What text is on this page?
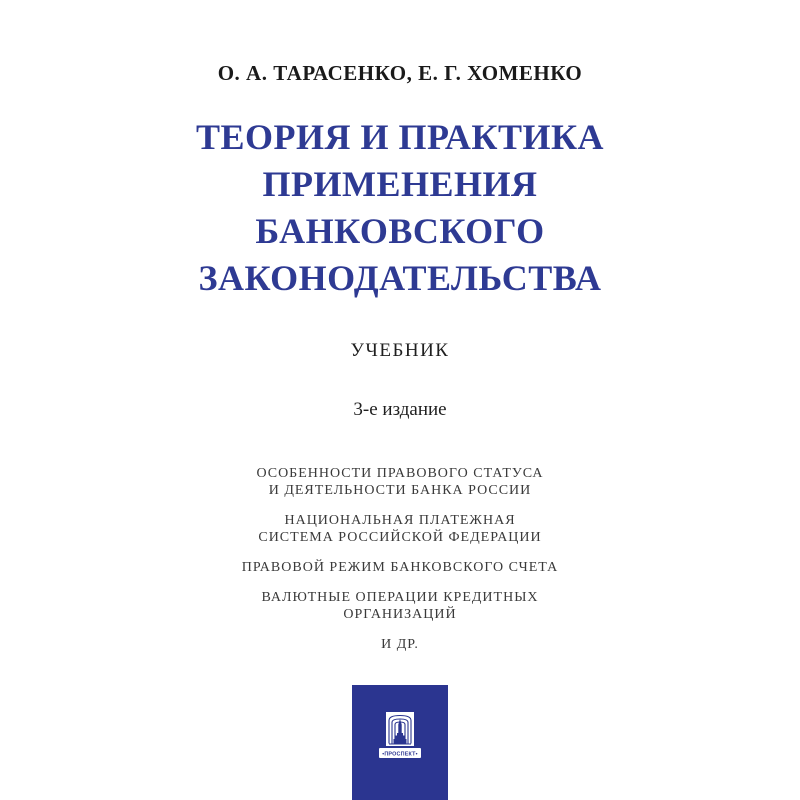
О. А. ТАРАСЕНКО, Е. Г. ХОМЕНКО
ТЕОРИЯ И ПРАКТИКА
ПРИМЕНЕНИЯ
БАНКОВСКОГО
ЗАКОНОДАТЕЛЬСТВА
УЧЕБНИК
3-е издание
ОСОБЕННОСТИ ПРАВОВОГО СТАТУСА
И ДЕЯТЕЛЬНОСТИ БАНКА РОССИИ
НАЦИОНАЛЬНАЯ ПЛАТЕЖНАЯ
СИСТЕМА РОССИЙСКОЙ ФЕДЕРАЦИИ
ПРАВОВОЙ РЕЖИМ БАНКОВСКОГО СЧЕТА
ВАЛЮТНЫЕ ОПЕРАЦИИ КРЕДИТНЫХ
ОРГАНИЗАЦИЙ
И ДР.
•ПРОСПЕКТ•
